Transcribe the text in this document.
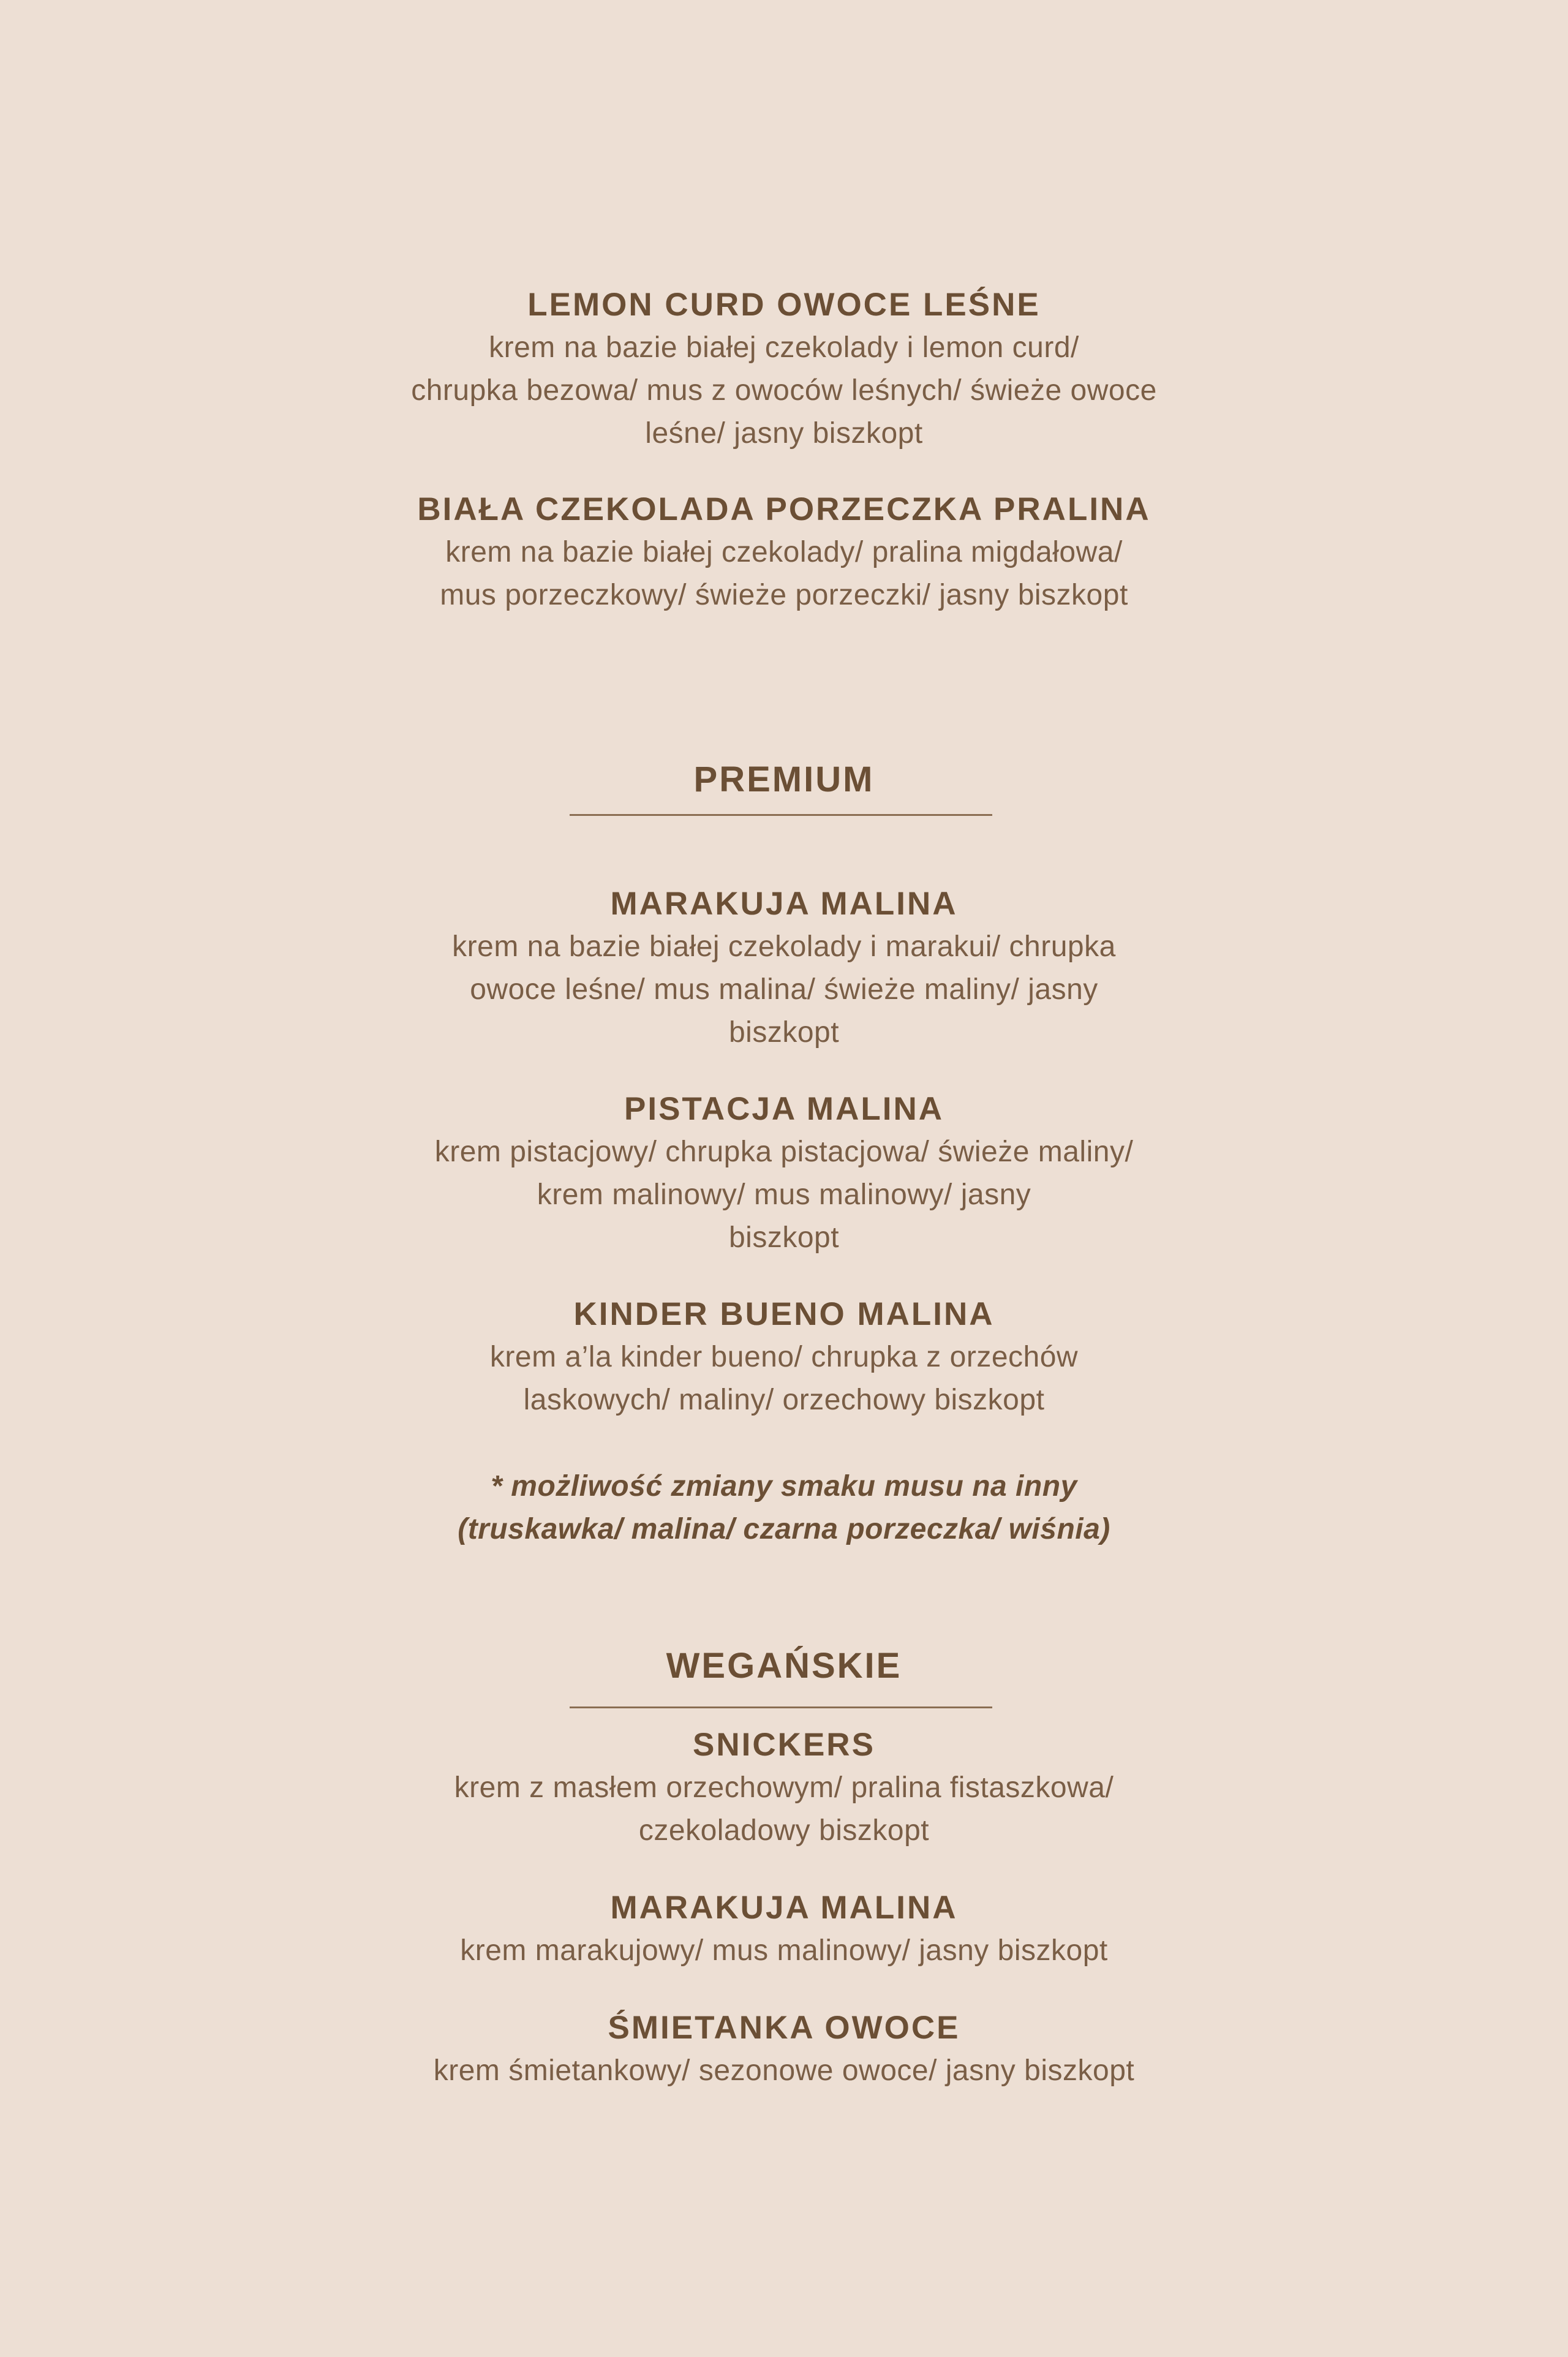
LEMON CURD OWOCE LEŚNE
krem na bazie białej czekolady i lemon curd/
chrupka bezowa/ mus z owoców leśnych/ świeże owoce
leśne/ jasny biszkopt
BIAŁA CZEKOLADA PORZECZKA PRALINA
krem na bazie białej czekolady/ pralina migdałowa/
mus porzeczkowy/ świeże porzeczki/ jasny biszkopt
PREMIUM
MARAKUJA MALINA
krem na bazie białej czekolady i marakui/ chrupka
owoce leśne/ mus malina/ świeże maliny/ jasny
biszkopt
PISTACJA MALINA
krem pistacjowy/ chrupka pistacjowa/ świeże maliny/
krem malinowy/ mus malinowy/ jasny
biszkopt
KINDER BUENO MALINA
krem a’la kinder bueno/ chrupka z orzechów
laskowych/ maliny/ orzechowy biszkopt
* możliwość zmiany smaku musu na inny
(truskawka/ malina/ czarna porzeczka/ wiśnia)
WEGAŃSKIE
SNICKERS
krem z masłem orzechowym/ pralina fistaszkowa/
czekoladowy biszkopt
MARAKUJA MALINA
krem marakujowy/ mus malinowy/ jasny biszkopt
ŚMIETANKA OWOCE
krem śmietankowy/ sezonowe owoce/ jasny biszkopt
